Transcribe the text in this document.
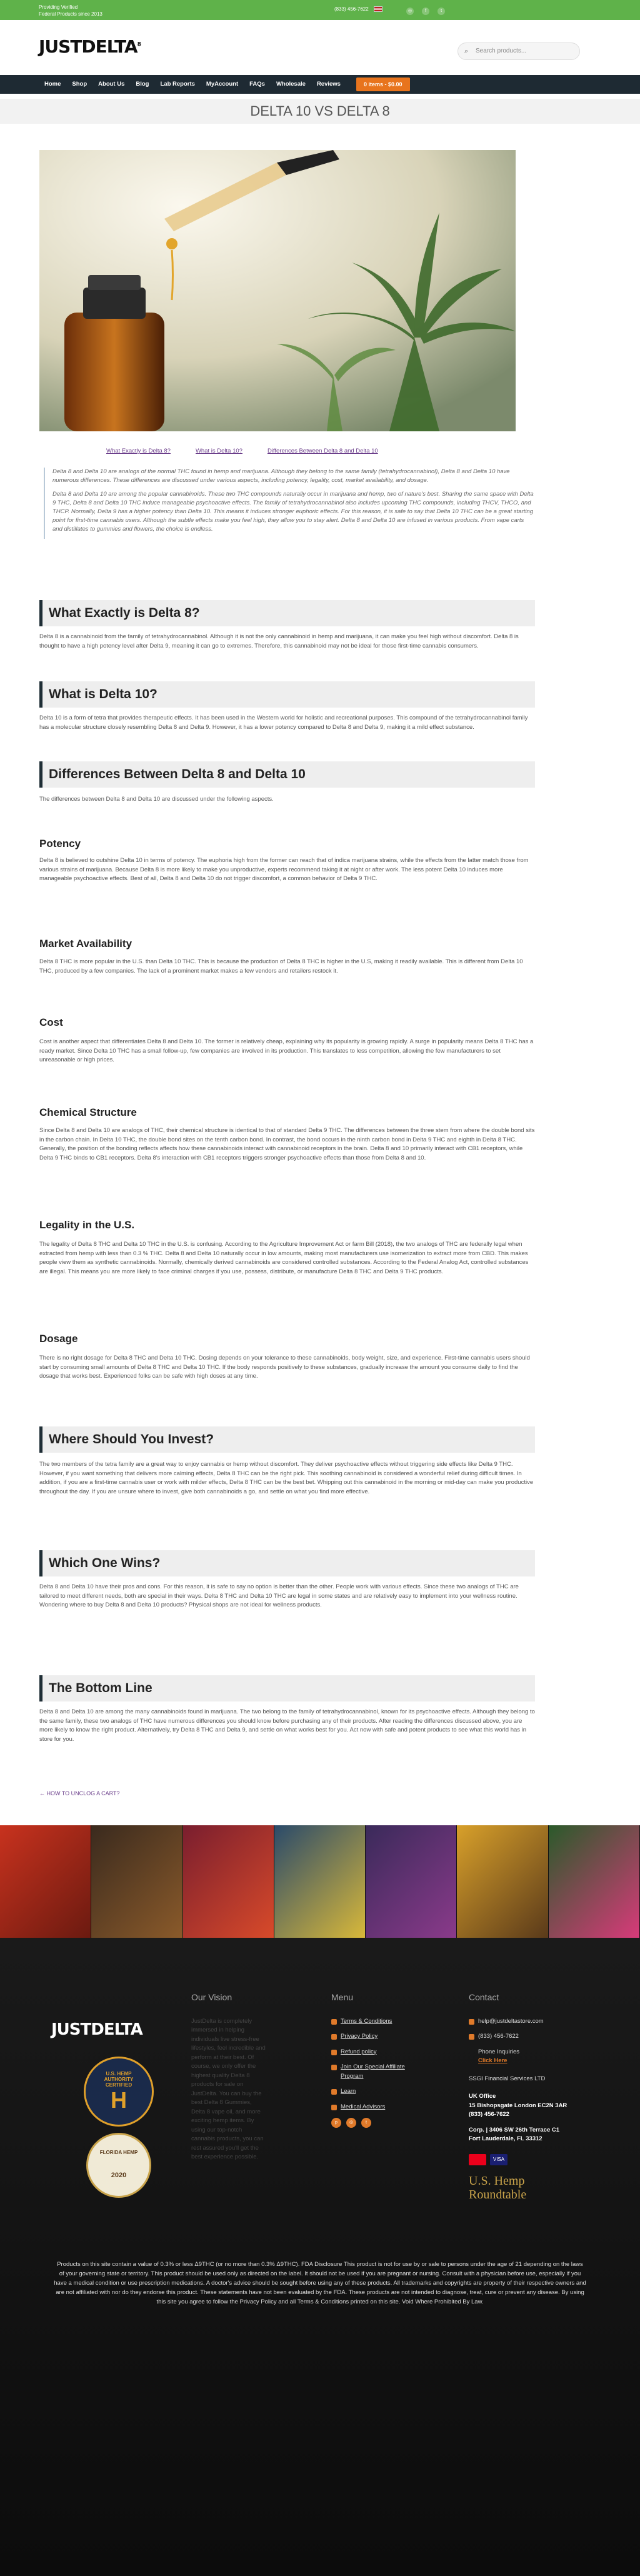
Providing Verified
Federal Products since 2013
(833) 456-7622	◎	f	t
JUSTDELTA$^8$
⌕ Search products...
Home	Shop	About Us	Blog	Lab Reports	MyAccount	FAQs	Wholesale	Reviews	0 items - $0.00
DELTA 10 VS DELTA 8
What Exactly is Delta 8?	What is Delta 10?	Differences Between Delta 8 and Delta 10

Delta 8 and Delta 10 are analogs of the normal THC found in hemp and marijuana. Although they belong to the same family (tetrahydrocannabinol), Delta 8 and Delta 10 have numerous differences. These differences are discussed under various aspects, including potency, legality, cost, market availability, and dosage.

Delta 8 and Delta 10 are among the popular cannabinoids. These two THC compounds naturally occur in marijuana and hemp, two of nature's best. Sharing the same space with Delta 9 THC, Delta 8 and Delta 10 THC induce manageable psychoactive effects. The family of tetrahydrocannabinol also includes upcoming THC compounds, including THCV, THCO, and THCP. Normally, Delta 9 has a higher potency than Delta 10. This means it induces stronger euphoric effects. For this reason, it is safe to say that Delta 10 THC can be a great starting point for first-time cannabis users. Although the subtle effects make you feel high, they allow you to stay alert. Delta 8 and Delta 10 are infused in various products. From vape carts and distillates to gummies and flowers, the choice is endless.

What Exactly is Delta 8?
Delta 8 is a cannabinoid from the family of tetrahydrocannabinol. Although it is not the only cannabinoid in hemp and marijuana, it can make you feel high without discomfort. Delta 8 is thought to have a high potency level after Delta 9, meaning it can go to extremes. Therefore, this cannabinoid may not be ideal for those first-time cannabis consumers.
What is Delta 10?
Delta 10 is a form of tetra that provides therapeutic effects. It has been used in the Western world for holistic and recreational purposes. This compound of the tetrahydrocannabinol family has a molecular structure closely resembling Delta 8 and Delta 9. However, it has a lower potency compared to Delta 8 and Delta 9, making it a mild effect substance.
Differences Between Delta 8 and Delta 10
The differences between Delta 8 and Delta 10 are discussed under the following aspects.
Potency
Delta 8 is believed to outshine Delta 10 in terms of potency. The euphoria high from the former can reach that of indica marijuana strains, while the effects from the latter match those from various strains of marijuana. Because Delta 8 is more likely to make you unproductive, experts recommend taking it at night or after work. The less potent Delta 10 induces more manageable psychoactive effects. Best of all, Delta 8 and Delta 10 do not trigger discomfort, a common behavior of Delta 9 THC.
Market Availability
Delta 8 THC is more popular in the U.S. than Delta 10 THC. This is because the production of Delta 8 THC is higher in the U.S, making it readily available. This is different from Delta 10 THC, produced by a few companies. The lack of a prominent market makes a few vendors and retailers restock it.
Cost
Cost is another aspect that differentiates Delta 8 and Delta 10. The former is relatively cheap, explaining why its popularity is growing rapidly. A surge in popularity means Delta 8 THC has a ready market. Since Delta 10 THC has a small follow-up, few companies are involved in its production. This translates to less competition, allowing the few manufacturers to set unreasonable or high prices.
Chemical Structure
Since Delta 8 and Delta 10 are analogs of THC, their chemical structure is identical to that of standard Delta 9 THC. The differences between the three stem from where the double bond sits in the carbon chain. In Delta 10 THC, the double bond sites on the tenth carbon bond. In contrast, the bond occurs in the ninth carbon bond in Delta 9 THC and eighth in Delta 8 THC. Generally, the position of the bonding reflects affects how these cannabinoids interact with cannabinoid receptors in the brain. Delta 8 and 10 primarily interact with CB1 receptors, while Delta 9 THC binds to CB1 receptors. Delta 8's interaction with CB1 receptors triggers stronger psychoactive effects than those from Delta 8 and 10.
Legality in the U.S.
The legality of Delta 8 THC and Delta 10 THC in the U.S. is confusing. According to the Agriculture Improvement Act or farm Bill (2018), the two analogs of THC are federally legal when extracted from hemp with less than 0.3 % THC. Delta 8 and Delta 10 naturally occur in low amounts, making most manufacturers use isomerization to extract more from CBD. This makes people view them as synthetic cannabinoids. Normally, chemically derived cannabinoids are considered controlled substances. According to the Federal Analog Act, controlled substances are illegal. This means you are more likely to face criminal charges if you use, possess, distribute, or manufacture Delta 8 THC and Delta 9 THC products.
Dosage
There is no right dosage for Delta 8 THC and Delta 10 THC. Dosing depends on your tolerance to these cannabinoids, body weight, size, and experience. First-time cannabis users should start by consuming small amounts of Delta 8 THC and Delta 10 THC. If the body responds positively to these substances, gradually increase the amount you consume daily to find the dosage that works best. Experienced folks can be safe with high doses at any time.
Where Should You Invest?
The two members of the tetra family are a great way to enjoy cannabis or hemp without discomfort. They deliver psychoactive effects without triggering side effects like Delta 9 THC. However, if you want something that delivers more calming effects, Delta 8 THC can be the right pick. This soothing cannabinoid is considered a wonderful relief during difficult times. In addition, if you are a first-time cannabis user or work with milder effects, Delta 8 THC can be the best bet. Whipping out this cannabinoid in the morning or mid-day can make you productive throughout the day. If you are unsure where to invest, give both cannabinoids a go, and settle on what you find more effective.
Which One Wins?
Delta 8 and Delta 10 have their pros and cons. For this reason, it is safe to say no option is better than the other. People work with various effects. Since these two analogs of THC are tailored to meet different needs, both are special in their ways. Delta 8 THC and Delta 10 THC are legal in some states and are relatively easy to implement into your wellness routine. Wondering where to buy Delta 8 and Delta 10 products? Physical shops are not ideal for wellness products.
The Bottom Line
Delta 8 and Delta 10 are among the many cannabinoids found in marijuana. The two belong to the family of tetrahydrocannabinol, known for its psychoactive effects. Although they belong to the same family, these two analogs of THC have numerous differences you should know before purchasing any of their products. After reading the differences discussed above, you are more likely to know the right product. Alternatively, try Delta 8 THC and Delta 9, and settle on what works best for you. Act now with safe and potent products to see what this world has in store for you.
← HOW TO UNCLOG A CART?
JUSTDELTA
U.S. HEMP AUTHORITY CERTIFIED
H
FLORIDA HEMP
2020
Our Vision
JustDelta is completely immersed in helping individuals live stress-free lifestyles, feel incredible and perform at their best. Of course, we only offer the highest quality Delta 8 products for sale on JustDelta. You can buy the best Delta 8 Gummies, Delta 8 vape oil, and more exciting hemp items. By using our top-notch cannabis products, you can rest assured you'll get the best experience possible.
Menu
Terms & Conditions
Privacy Policy
Refund policy
Join Our Special Affiliate Program
Learn
Medical Advisors
p	◎	t
Contact
help@justdeltastore.com
(833) 456-7622
Phone Inquiries
Click Here
SSGI Financial Services LTD
UK Office
15 Bishopsgate London EC2N 3AR
(833) 456-7622
Corp. | 3406 SW 26th Terrace C1
Fort Lauderdale, FL 33312
VISA
U.S. Hemp Roundtable
Products on this site contain a value of 0.3% or less Δ9THC (or no more than 0.3% Δ9THC). FDA Disclosure This product is not for use by or sale to persons under the age of 21 depending on the laws of your governing state or territory. This product should be used only as directed on the label. It should not be used if you are pregnant or nursing. Consult with a physician before use, especially if you have a medical condition or use prescription medications. A doctor's advice should be sought before using any of these products. All trademarks and copyrights are property of their respective owners and are not affiliated with nor do they endorse this product. These statements have not been evaluated by the FDA. These products are not intended to diagnose, treat, cure or prevent any disease. By using this site you agree to follow the Privacy Policy and all Terms & Conditions printed on this site. Void Where Prohibited By Law.
